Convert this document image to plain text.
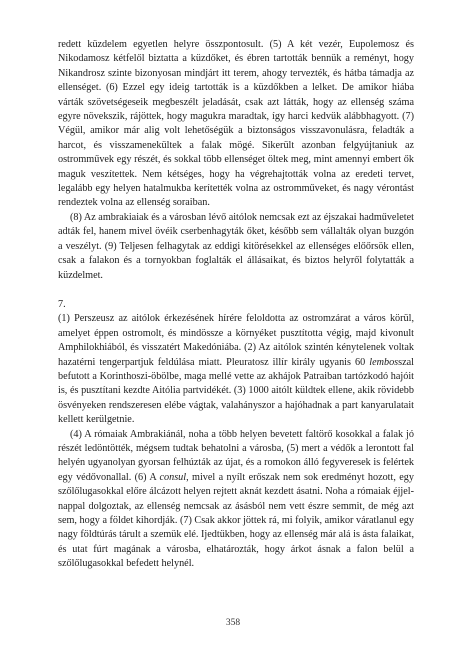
redett küzdelem egyetlen helyre összpontosult. (5) A két vezér, Eupolemosz és Nikodamosz kétfelől biztatta a küzdőket, és ébren tartották bennük a reményt, hogy Nikandrosz szinte bizonyosan mindjárt itt terem, ahogy tervezték, és hátba támadja az ellenséget. (6) Ezzel egy ideig tartották is a küzdőkben a lelket. De amikor hiába várták szövetségeseik megbeszélt jeladását, csak azt látták, hogy az ellenség száma egyre növekszik, rájöttek, hogy magukra maradtak, így harci kedvük alábbhagyott. (7) Végül, amikor már alig volt lehetőségük a biztonságos visszavonulásra, feladták a harcot, és visszamenekültek a falak mögé. Sikerült azonban felgyújtaniuk az ostromművek egy részét, és sokkal több ellenséget öltek meg, mint amennyi embert ők maguk veszítettek. Nem kétséges, hogy ha végrehajtották volna az eredeti tervet, legalább egy helyen hatalmukba kerítették volna az ostromműveket, és nagy vérontást rendeztek volna az ellenség soraiban.

(8) Az ambrakiaiak és a városban lévő aitólok nemcsak ezt az éjszakai hadműveletet adták fel, hanem mivel övéik cserbenhagyták őket, később sem vállalták olyan buzgón a veszélyt. (9) Teljesen felhagytak az eddigi kitörésekkel az ellenséges előőrsök ellen, csak a falakon és a tornyokban foglalták el állásaikat, és biztos helyről folytatták a küzdelmet.

7.

(1) Perszeusz az aitólok érkezésének hírére feloldotta az ostromzárat a város körül, amelyet éppen ostromolt, és mindössze a környéket pusztította végig, majd kivonult Amphilokhiából, és visszatért Makedóniába. (2) Az aitólok szintén kénytelenek voltak hazatérni tengerpartjuk feldúlása miatt. Pleuratosz illír király ugyanis 60 lembosszal befutott a Korinthoszi-öbölbe, maga mellé vette az akhájok Patraiban tartózkodó hajóit is, és pusztítani kezdte Aitólia partvidékét. (3) 1000 aitólt küldtek ellene, akik rövidebb ösvényeken rendszeresen elébe vágtak, valahányszor a hajóhadnak a part kanyarulatait kellett kerülgetnie.

(4) A rómaiak Ambrakiánál, noha a több helyen bevetett faltörő kosokkal a falak jó részét ledöntötték, mégsem tudtak behatolni a városba, (5) mert a védők a lerontott fal helyén ugyanolyan gyorsan felhúzták az újat, és a romokon álló fegyveresek is felértek egy védővonallal. (6) A consul, mivel a nyílt erőszak nem sok eredményt hozott, egy szőlőlugasokkal előre álcázott helyen rejtett aknát kezdett ásatni. Noha a rómaiak éjjel-nappal dolgoztak, az ellenség nemcsak az ásásból nem vett észre semmit, de még azt sem, hogy a földet kihordják. (7) Csak akkor jöttek rá, mi folyik, amikor váratlanul egy nagy földtúrás tárult a szemük elé. Ijedtükben, hogy az ellenség már alá is ásta falaikat, és utat fúrt magának a városba, elhatározták, hogy árkot ásnak a falon belül a szőlőlugasokkal befedett helynél.

358
